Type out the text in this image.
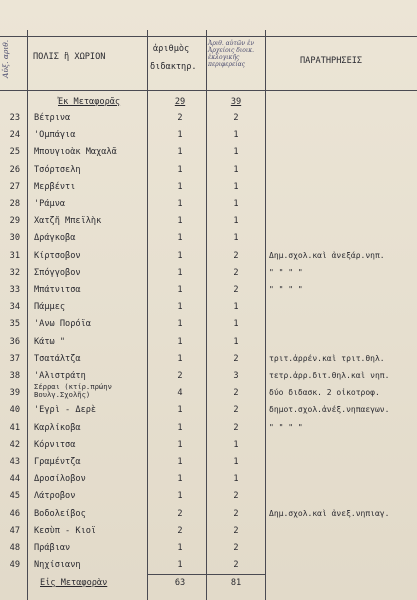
Αὐξ. αριθ.	ΠΟΛΙΣ ἢ ΧΩΡΙΟΝ
ἀριθμὸς
διδακτηρ.
Ἀριθ. αὐτῶν ἐν Ἀρχείοις διοικ. ἐκλογικῆς περιφερείας	ΠΑΡΑΤΗΡΗΣΕΙΣ
Ἐκ Μεταφορᾶς	29	39
23 Βέτρινα	2	2
24 'Ομπάγια	1	1
25 Μπουγιοὰκ Μαχαλᾶ	1	1
26 Τσόρτσελη	1	1
27 Μερβέντι	1	1
28 'Ράμνα	1	1
29 Χατζῆ Μπεϊλὴκ	1	1
30 Δράγκοβα	1	1
31 Κίρτσοβον	1	2	Δημ.σχολ.καὶ ἀνεξάρ.νηπ.
32 Σπόγγοβον	1	2	" " " "
33 Μπάτνιτσα	1	2	" " " "
34 Πάμμες	1	1
35 'Ανω Πορόϊα	1	1
36 Κάτω "	1	1
37 Τσατάλτζα	1	2	τριτ.ἀρρέν.καὶ τριτ.θηλ.
38 'Αλιστράτη	2	3	τετρ.ἀρρ.διτ.θηλ.καὶ νηπ.
39
Σέρραι (κτίρ.πρώην Βουλγ.Σχολῆς)	4	2	δύο διδασκ. 2 οἰκοτροφ.
40 'Εγρὶ - Δερὲ	1	2	δημοτ.σχολ.ἀνέξ.νηπαεγων.
41 Καρλίκοβα	1	2	" " " "
42 Κόρνιτσα	1	1
43 Γραμέντζα	1	1
44 Δροσίλοβον	1	1
45 Λάτροβον	1	2
46 Βοδολείβος	2	2	Δημ.σχολ.καὶ ἀνεξ.νηπιαγ.
47 Κεσὺπ - Κιοϊ	2	2
48 Πράβιαν	1	2
49 Νηχίσιανη	1	2
Εἰς Μεταφορὰν	63	81
